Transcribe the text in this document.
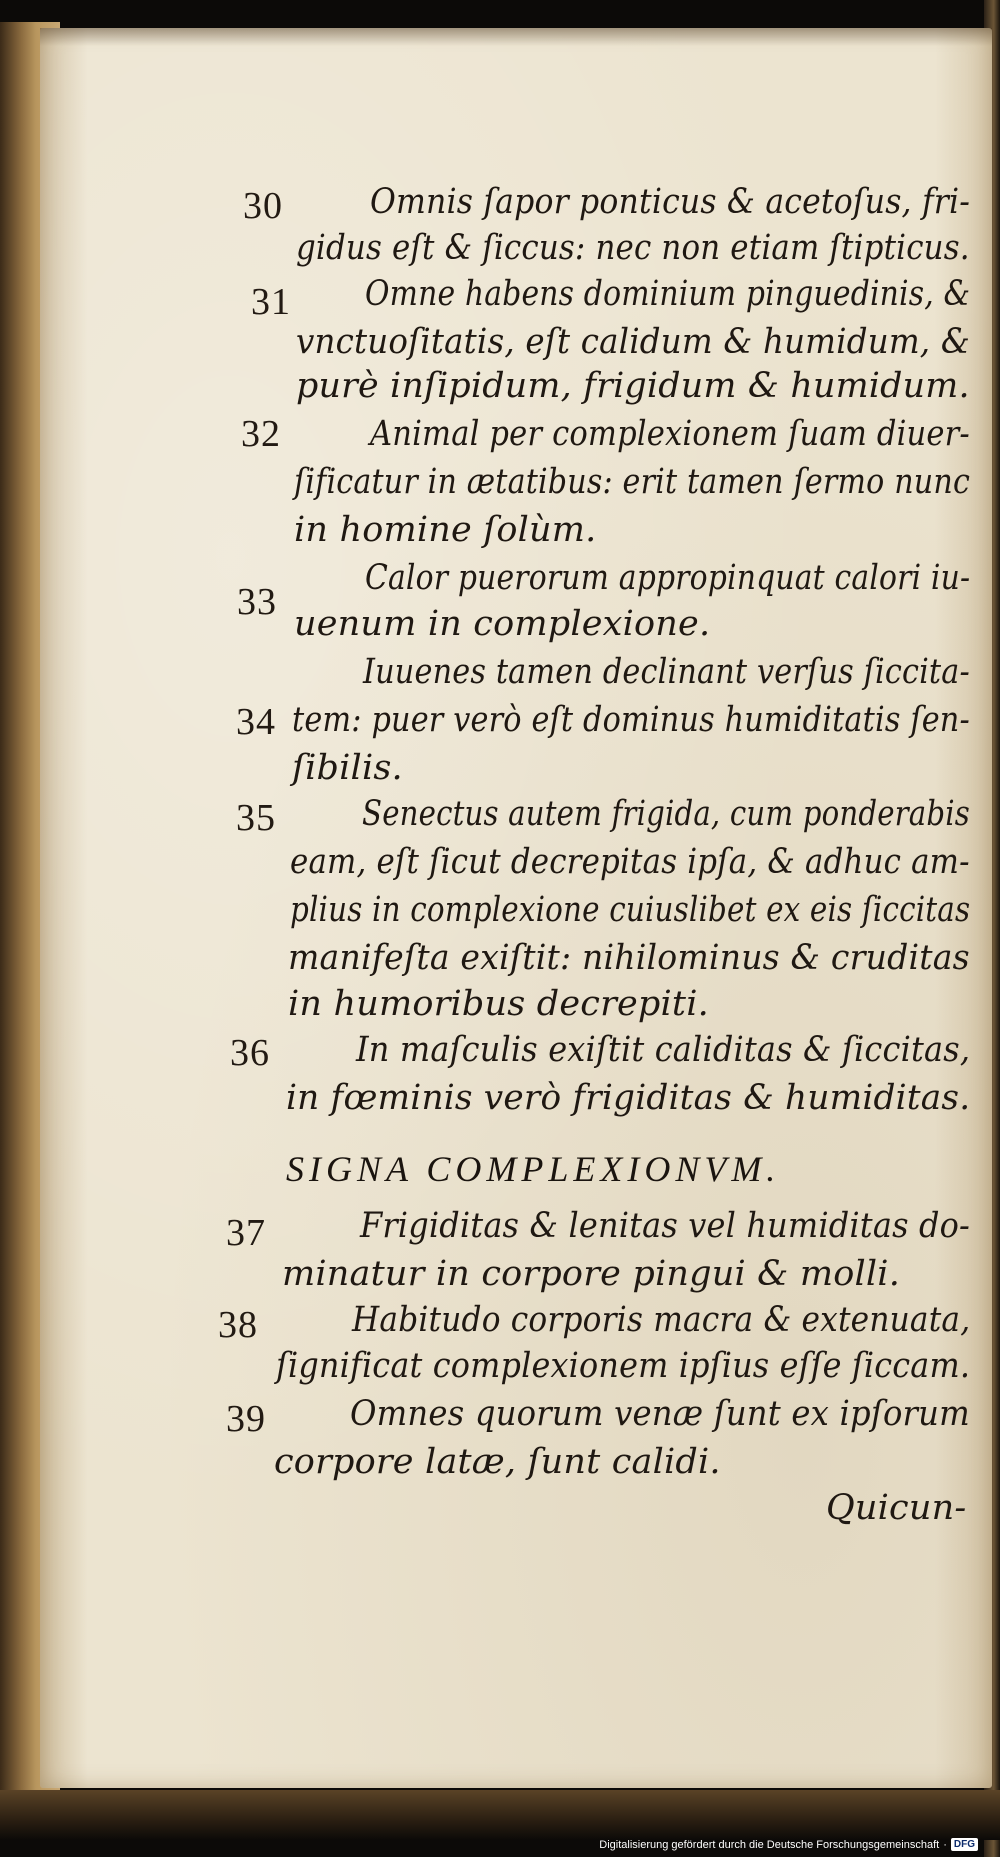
30
31
32
33
34
35
36
37
38
39
Omnis ſapor ponticus & acetoſus, fri-
gidus eſt & ſiccus: nec non etiam ſtipticus.
Omne habens dominium pinguedinis, &
vnctuoſitatis, eſt calidum & humidum, &
purè inſipidum, frigidum & humidum.
Animal per complexionem ſuam diuer-
ſificatur in ætatibus: erit tamen ſermo nunc
in homine ſolùm.
Calor puerorum appropinquat calori iu-
uenum in complexione.
Iuuenes tamen declinant verſus ſiccita-
tem: puer verò eſt dominus humiditatis ſen-
ſibilis.
Senectus autem frigida, cum ponderabis
eam, eſt ſicut decrepitas ipſa, & adhuc am-
plius in complexione cuiuslibet ex eis ſiccitas
manifeſta exiſtit: nihilominus & cruditas
in humoribus decrepiti.
In maſculis exiſtit caliditas & ſiccitas,
in fœminis verò frigiditas & humiditas.
SIGNA COMPLEXIONVM.
Frigiditas & lenitas vel humiditas do-
minatur in corpore pingui & molli.
Habitudo corporis macra & extenuata,
ſignificat complexionem ipſius eſſe ſiccam.
Omnes quorum venæ ſunt ex ipſorum
corpore latæ, ſunt calidi.
Quicun-
Digitalisierung gefördert durch die Deutsche Forschungsgemeinschaft · DFG
